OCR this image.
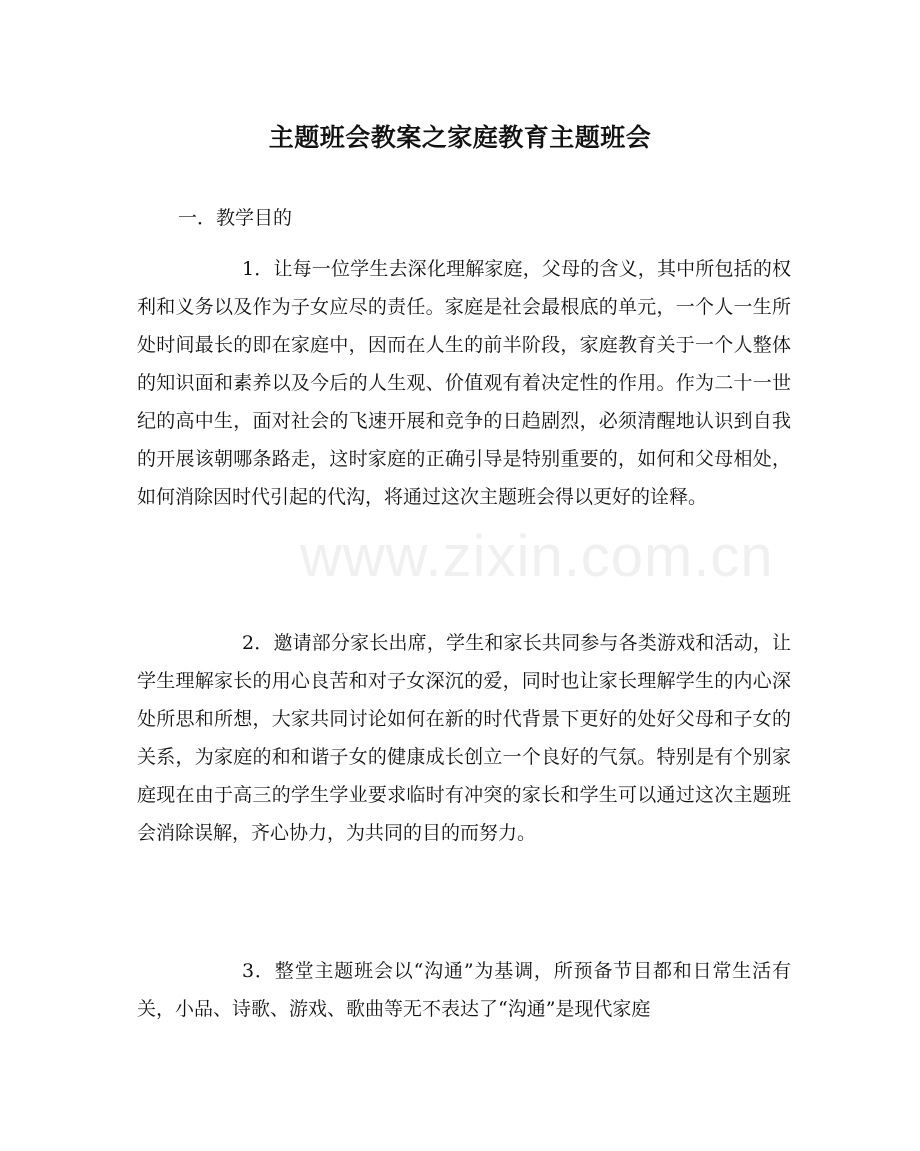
主题班会教案之家庭教育主题班会
一．教学目的
1．让每一位学生去深化理解家庭，父母的含义，其中所包括的权利和义务以及作为子女应尽的责任。家庭是社会最根底的单元，一个人一生所处时间最长的即在家庭中，因而在人生的前半阶段，家庭教育关于一个人整体的知识面和素养以及今后的人生观、价值观有着决定性的作用。作为二十一世纪的高中生，面对社会的飞速开展和竞争的日趋剧烈，必须清醒地认识到自我的开展该朝哪条路走，这时家庭的正确引导是特别重要的，如何和父母相处，如何消除因时代引起的代沟，将通过这次主题班会得以更好的诠释。
2．邀请部分家长出席，学生和家长共同参与各类游戏和活动，让学生理解家长的用心良苦和对子女深沉的爱，同时也让家长理解学生的内心深处所思和所想，大家共同讨论如何在新的时代背景下更好的处好父母和子女的关系，为家庭的和和谐子女的健康成长创立一个良好的气氛。特别是有个别家庭现在由于高三的学生学业要求临时有冲突的家长和学生可以通过这次主题班会消除误解，齐心协力，为共同的目的而努力。
3．整堂主题班会以“沟通”为基调，所预备节目都和日常生活有关，小品、诗歌、游戏、歌曲等无不表达了“沟通”是现代家庭
www.zixin.com.cn
